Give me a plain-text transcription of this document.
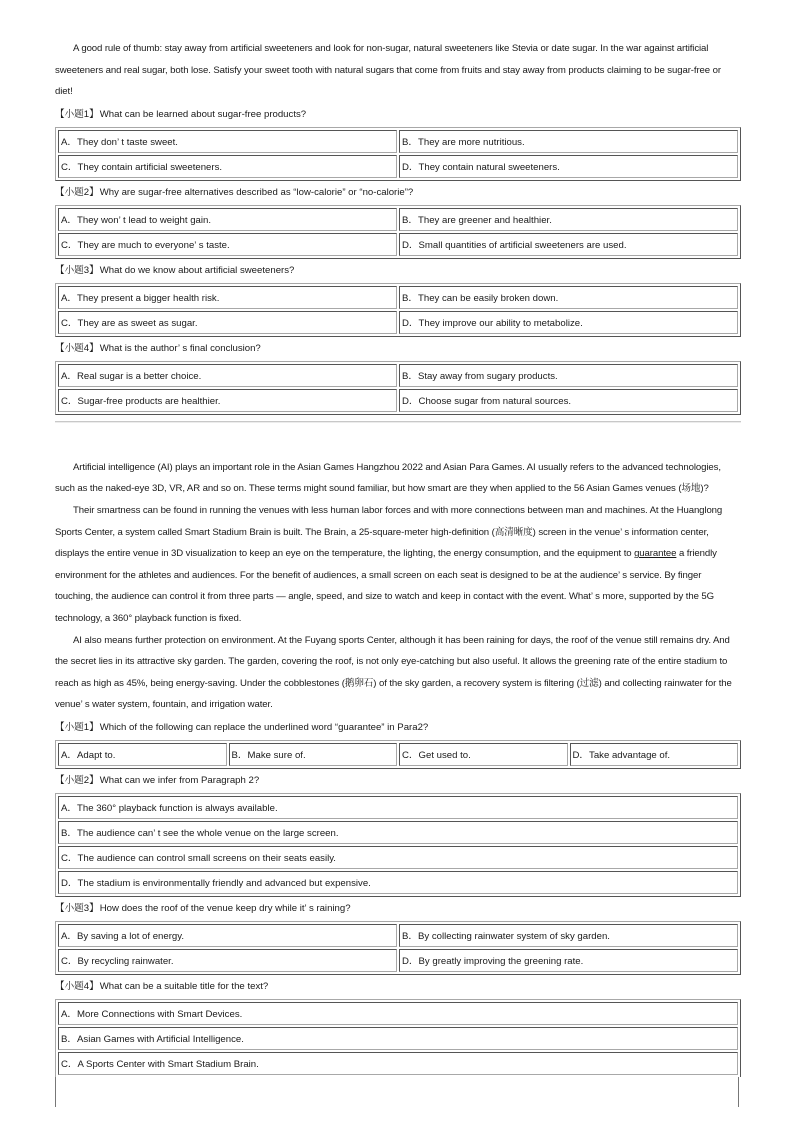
A good rule of thumb: stay away from artificial sweeteners and look for non-sugar, natural sweeteners like Stevia or date sugar. In the war against artificial sweeteners and real sugar, both lose. Satisfy your sweet tooth with natural sugars that come from fruits and stay away from products claiming to be sugar-free or diet!

【小题1】 What can be learned about sugar-free products?
A．They don’ t taste sweet.	B．They are more nutritious.
C．They contain artificial sweeteners.	D．They contain natural sweeteners.
【小题2】 Why are sugar-free alternatives described as “low-calorie” or “no-calorie”?
A．They won’ t lead to weight gain.	B．They are greener and healthier.
C．They are much to everyone’ s taste.	D．Small quantities of artificial sweeteners are used.
【小题3】 What do we know about artificial sweeteners?
A．They present a bigger health risk.	B．They can be easily broken down.
C．They are as sweet as sugar.	D．They improve our ability to metabolize.
【小题4】 What is the author’ s final conclusion?
A．Real sugar is a better choice.	B．Stay away from sugary products.
C．Sugar-free products are healthier.	D．Choose sugar from natural sources.

Artificial intelligence (AI) plays an important role in the Asian Games Hangzhou 2022 and Asian Para Games. AI usually refers to the advanced technologies, such as the naked-eye 3D, VR, AR and so on. These terms might sound familiar, but how smart are they when applied to the 56 Asian Games venues (场地)?

Their smartness can be found in running the venues with less human labor forces and with more connections between man and machines. At the Huanglong Sports Center, a system called Smart Stadium Brain is built. The Brain, a 25-square-meter high-definition (高清晰度) screen in the venue’ s information center, displays the entire venue in 3D visualization to keep an eye on the temperature, the lighting, the energy consumption, and the equipment to guarantee a friendly environment for the athletes and audiences. For the benefit of audiences, a small screen on each seat is designed to be at the audience’ s service. By finger touching, the audience can control it from three parts — angle, speed, and size to watch and keep in contact with the event. What’ s more, supported by the 5G technology, a 360° playback function is fixed.

AI also means further protection on environment. At the Fuyang sports Center, although it has been raining for days, the roof of the venue still remains dry. And the secret lies in its attractive sky garden. The garden, covering the roof, is not only eye-catching but also useful. It allows the greening rate of the entire stadium to reach as high as 45%, being energy-saving. Under the cobblestones (鹅卵石) of the sky garden, a recovery system is filtering (过滤) and collecting rainwater for the venue’ s water system, fountain, and irrigation water.

【小题1】 Which of the following can replace the underlined word “guarantee” in Para2?
A．Adapt to.	B．Make sure of.	C．Get used to.	D．Take advantage of.
【小题2】 What can we infer from Paragraph 2?
A．The 360° playback function is always available.
B．The audience can’ t see the whole venue on the large screen.
C．The audience can control small screens on their seats easily.
D．The stadium is environmentally friendly and advanced but expensive.
【小题3】 How does the roof of the venue keep dry while it’ s raining?
A．By saving a lot of energy.	B．By collecting rainwater system of sky garden.
C．By recycling rainwater.	D．By greatly improving the greening rate.
【小题4】 What can be a suitable title for the text?
A．More Connections with Smart Devices.
B．Asian Games with Artificial Intelligence.
C．A Sports Center with Smart Stadium Brain.
